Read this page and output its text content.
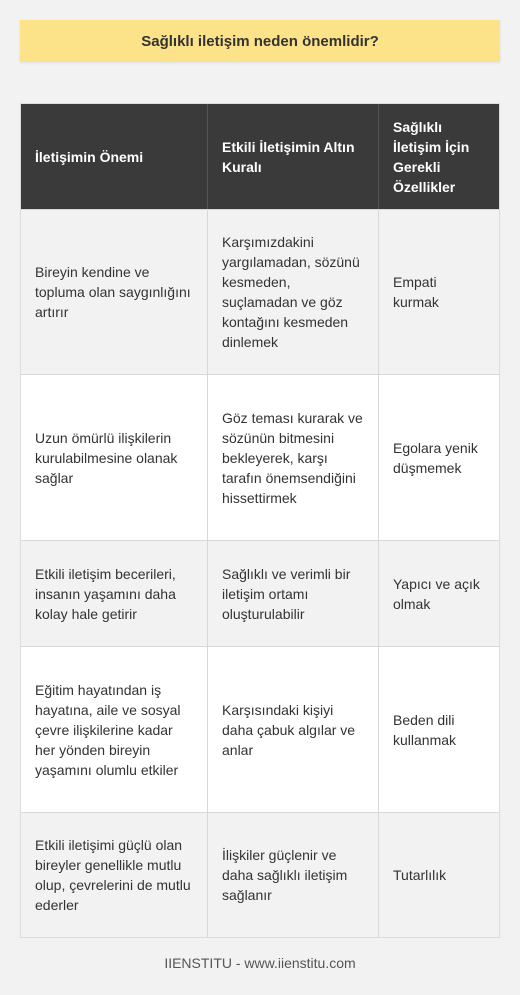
Sağlıklı iletişim neden önemlidir?
İletişimin Önemi
Etkili İletişimin Altın Kuralı
Sağlıklı İletişim İçin Gerekli Özellikler
Bireyin kendine ve topluma olan saygınlığını artırır
Karşımızdakini yargılamadan, sözünü kesmeden, suçlamadan ve göz kontağını kesmeden dinlemek
Empati kurmak
Uzun ömürlü ilişkilerin kurulabilmesine olanak sağlar
Göz teması kurarak ve sözünün bitmesini bekleyerek, karşı tarafın önemsendiğini hissettirmek
Egolara yenik düşmemek
Etkili iletişim becerileri, insanın yaşamını daha kolay hale getirir
Sağlıklı ve verimli bir iletişim ortamı oluşturulabilir
Yapıcı ve açık olmak
Eğitim hayatından iş hayatına, aile ve sosyal çevre ilişkilerine kadar her yönden bireyin yaşamını olumlu etkiler
Karşısındaki kişiyi daha çabuk algılar ve anlar
Beden dili kullanmak
Etkili iletişimi güçlü olan bireyler genellikle mutlu olup, çevrelerini de mutlu ederler
İlişkiler güçlenir ve daha sağlıklı iletişim sağlanır
Tutarlılık
IIENSTITU - www.iienstitu.com
